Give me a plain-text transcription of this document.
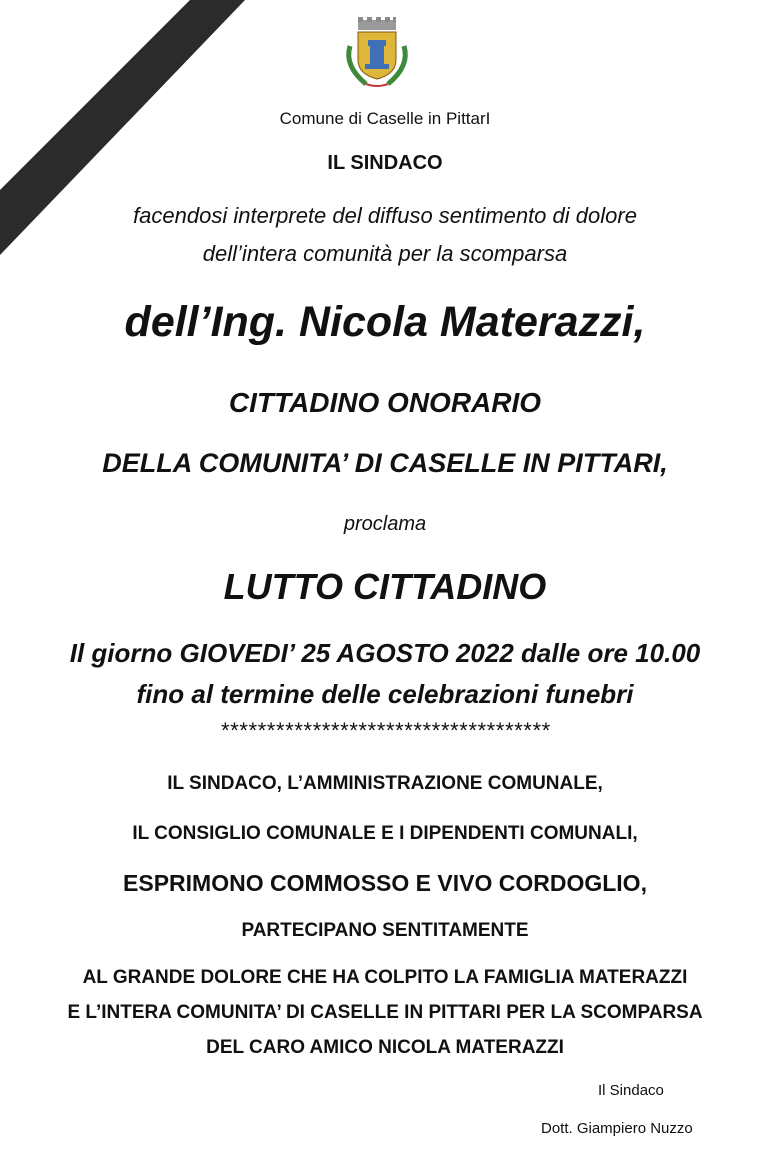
Comune di Caselle in PittarI
IL SINDACO
facendosi interprete del diffuso sentimento di dolore
dell’intera comunità per la scomparsa
dell’Ing. Nicola Materazzi,
CITTADINO ONORARIO
DELLA COMUNITA’ DI CASELLE IN PITTARI,
proclama
LUTTO CITTADINO
Il giorno GIOVEDI’ 25 AGOSTO 2022 dalle ore 10.00
fino al termine delle celebrazioni funebri
************************************
IL SINDACO, L’AMMINISTRAZIONE COMUNALE,
IL CONSIGLIO COMUNALE E I DIPENDENTI COMUNALI,
ESPRIMONO COMMOSSO E VIVO CORDOGLIO,
PARTECIPANO SENTITAMENTE
AL GRANDE DOLORE CHE HA COLPITO LA FAMIGLIA MATERAZZI
E L’INTERA COMUNITA’ DI CASELLE IN PITTARI PER LA SCOMPARSA
DEL CARO AMICO NICOLA MATERAZZI
Il Sindaco
Dott. Giampiero Nuzzo
